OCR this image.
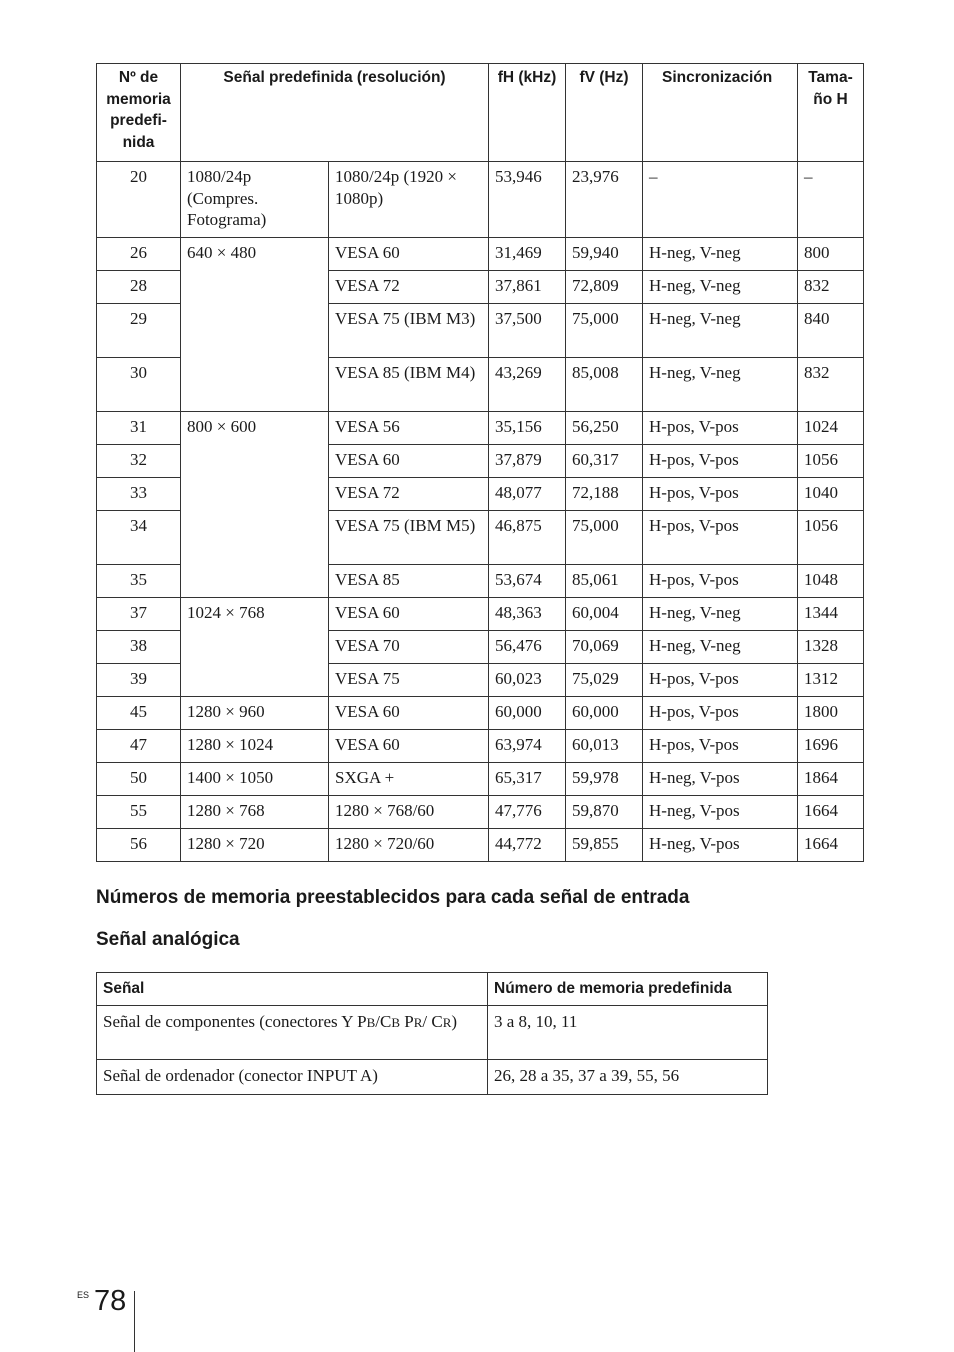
Nº de memoria predefi-nida	Señal predefinida (resolución)		fH (kHz)	fV (Hz)	Sincronización	Tama-ño H
20	1080/24p (Compres. Fotograma)	1080/24p (1920 × 1080p)	53,946	23,976	–	–
26	640 × 480	VESA 60	31,469	59,940	H-neg, V-neg	800
28		VESA 72	37,861	72,809	H-neg, V-neg	832
29		VESA 75 (IBM M3)	37,500	75,000	H-neg, V-neg	840
30		VESA 85 (IBM M4)	43,269	85,008	H-neg, V-neg	832
31	800 × 600	VESA 56	35,156	56,250	H-pos, V-pos	1024
32		VESA 60	37,879	60,317	H-pos, V-pos	1056
33		VESA 72	48,077	72,188	H-pos, V-pos	1040
34		VESA 75 (IBM M5)	46,875	75,000	H-pos, V-pos	1056
35		VESA 85	53,674	85,061	H-pos, V-pos	1048
37	1024 × 768	VESA 60	48,363	60,004	H-neg, V-neg	1344
38		VESA 70	56,476	70,069	H-neg, V-neg	1328
39		VESA 75	60,023	75,029	H-pos, V-pos	1312
45	1280 × 960	VESA 60	60,000	60,000	H-pos, V-pos	1800
47	1280 × 1024	VESA 60	63,974	60,013	H-pos, V-pos	1696
50	1400 × 1050	SXGA +	65,317	59,978	H-neg, V-pos	1864
55	1280 × 768	1280 × 768/60	47,776	59,870	H-neg, V-pos	1664
56	1280 × 720	1280 × 720/60	44,772	59,855	H-neg, V-pos	1664
Números de memoria preestablecidos para cada señal de entrada
Señal analógica
Señal	Número de memoria predefinida
Señal de componentes (conectores Y PB/CB PR/ CR)	3 a 8, 10, 11
Señal de ordenador (conector INPUT A)	26, 28 a 35, 37 a 39, 55, 56
ES 78
